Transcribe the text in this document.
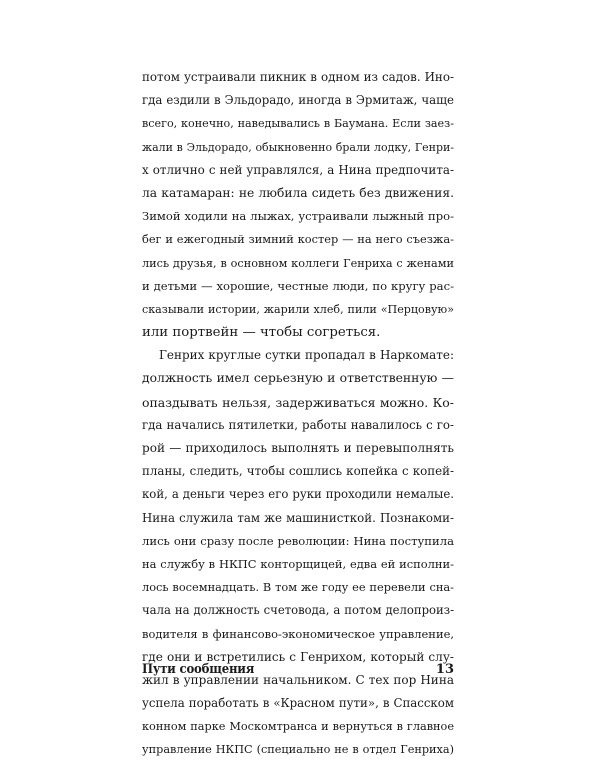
потом устраивали пикник в одном из садов. Ино-
гда ездили в Эльдорадо, иногда в Эрмитаж, чаще
всего, конечно, наведывались в Баумана. Если заез-
жали в Эльдорадо, обыкновенно брали лодку, Генри-
х отлично с ней управлялся, а Нина предпочита-
ла катамаран: не любила сидеть без движения.
Зимой ходили на лыжах, устраивали лыжный про-
бег и ежегодный зимний костер — на него съезжа-
лись друзья, в основном коллеги Генриха с женами
и детьми — хорошие, честные люди, по кругу рас-
сказывали истории, жарили хлеб, пили «Перцовую»
или портвейн — чтобы согреться.
Генрих круглые сутки пропадал в Наркомате:
должность имел серьезную и ответственную —
опаздывать нельзя, задерживаться можно. Ко-
гда начались пятилетки, работы навалилось с го-
рой — приходилось выполнять и перевыполнять
планы, следить, чтобы сошлись копейка с копей-
кой, а деньги через его руки проходили немалые.
Нина служила там же машинисткой. Познакоми-
лись они сразу после революции: Нина поступила
на службу в НКПС конторщицей, едва ей исполни-
лось восемнадцать. В том же году ее перевели сна-
чала на должность счетовода, а потом делопроиз-
водителя в финансово-экономическое управление,
где они и встретились с Генрихом, который слу-
жил в управлении начальником. С тех пор Нина
успела поработать в «Красном пути», в Спасском
конном парке Москомтранса и вернуться в главное
управление НКПС (специально не в отдел Генриха)
Пути сообщения	13
